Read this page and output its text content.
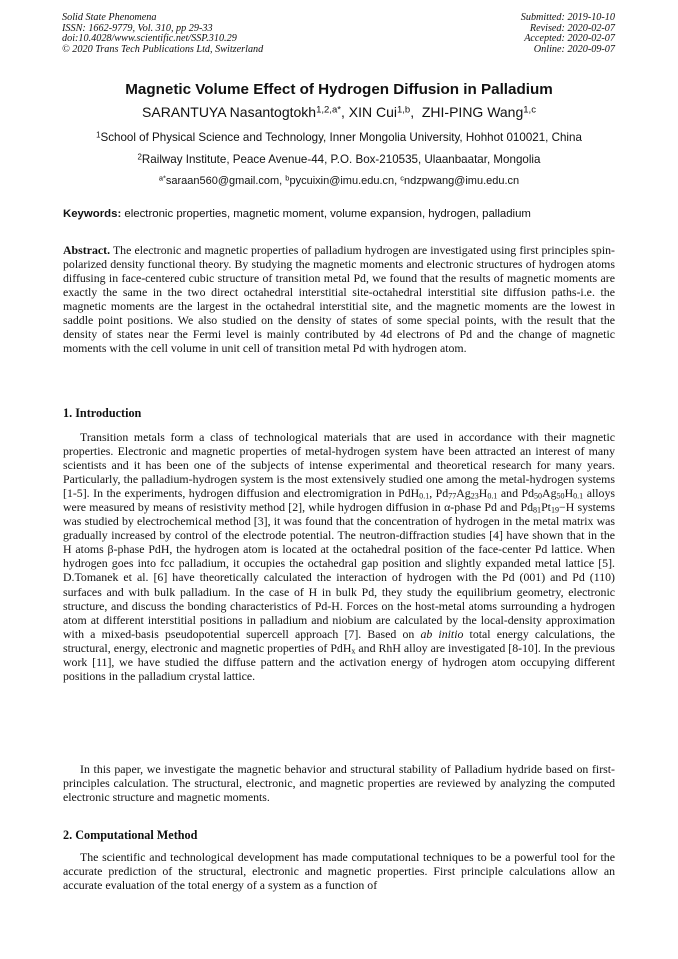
Solid State Phenomena
ISSN: 1662-9779, Vol. 310, pp 29-33
doi:10.4028/www.scientific.net/SSP.310.29
© 2020 Trans Tech Publications Ltd, Switzerland
Submitted: 2019-10-10
Revised: 2020-02-07
Accepted: 2020-02-07
Online: 2020-09-07
Magnetic Volume Effect of Hydrogen Diffusion in Palladium
SARANTUYA Nasantogtokh$^{1,2,a*}$, XIN Cui$^{1,b}$,  ZHI-PING Wang$^{1,c}$
$^1$School of Physical Science and Technology, Inner Mongolia University, Hohhot 010021, China
$^2$Railway Institute, Peace Avenue-44, P.O. Box-210535, Ulaanbaatar, Mongolia
$^{a*}$saraan560@gmail.com, $^b$pycuixin@imu.edu.cn, $^c$ndzpwang@imu.edu.cn
Keywords: electronic properties, magnetic moment, volume expansion, hydrogen, palladium
Abstract. The electronic and magnetic properties of palladium hydrogen are investigated using first principles spin-polarized density functional theory. By studying the magnetic moments and electronic structures of hydrogen atoms diffusing in face-centered cubic structure of transition metal Pd, we found that the results of magnetic moments are exactly the same in the two direct octahedral interstitial site-octahedral interstitial site diffusion paths-i.e. the magnetic moments are the largest in the octahedral interstitial site, and the magnetic moments are the lowest in saddle point positions. We also studied on the density of states of some special points, with the result that the density of states near the Fermi level is mainly contributed by 4d electrons of Pd and the change of magnetic moments with the cell volume in unit cell of transition metal Pd with hydrogen atom.
1. Introduction
Transition metals form a class of technological materials that are used in accordance with their magnetic properties. Electronic and magnetic properties of metal-hydrogen system have been attracted an interest of many scientists and it has been one of the subjects of intense experimental and theoretical research for many years. Particularly, the palladium-hydrogen system is the most extensively studied one among the metal-hydrogen systems [1-5]. In the experiments, hydrogen diffusion and electromigration in PdH$_{0.1}$, $Pd_{77}Ag_{23}H_{0.1}$ and $Pd_{50}Ag_{50}H_{0.1}$ alloys were measured by means of resistivity method [2], while hydrogen diffusion in α-phase Pd and $Pd_{81}Pt_{19}-H$ systems was studied by electrochemical method [3], it was found that the concentration of hydrogen in the metal matrix was gradually increased by control of the electrode potential. The neutron-diffraction studies [4] have shown that in the H atoms β-phase PdH, the hydrogen atom is located at the octahedral position of the face-center Pd lattice. When hydrogen goes into fcc palladium, it occupies the octahedral gap position and slightly expanded metal lattice [5]. D.Tomanek et al. [6] have theoretically calculated the interaction of hydrogen with the Pd (001) and Pd (110) surfaces and with bulk palladium. In the case of H in bulk Pd, they study the equilibrium geometry, electronic structure, and discuss the bonding characteristics of Pd-H. Forces on the host-metal atoms surrounding a hydrogen atom at different interstitial positions in palladium and niobium are calculated by the local-density approximation with a mixed-basis pseudopotential supercell approach [7]. Based on ab initio total energy calculations, the structural, energy, electronic and magnetic properties of PdH$_x$ and RhH alloy are investigated [8-10]. In the previous work [11], we have studied the diffuse pattern and the activation energy of hydrogen atom occupying different positions in the palladium crystal lattice.
In this paper, we investigate the magnetic behavior and structural stability of Palladium hydride based on first- principles calculation. The structural, electronic, and magnetic properties are reviewed by analyzing the computed electronic structure and magnetic moments.
2. Computational Method
The scientific and technological development has made computational techniques to be a powerful tool for the accurate prediction of the structural, electronic and magnetic properties. First principle calculations allow an accurate evaluation of the total energy of a system as a function of
